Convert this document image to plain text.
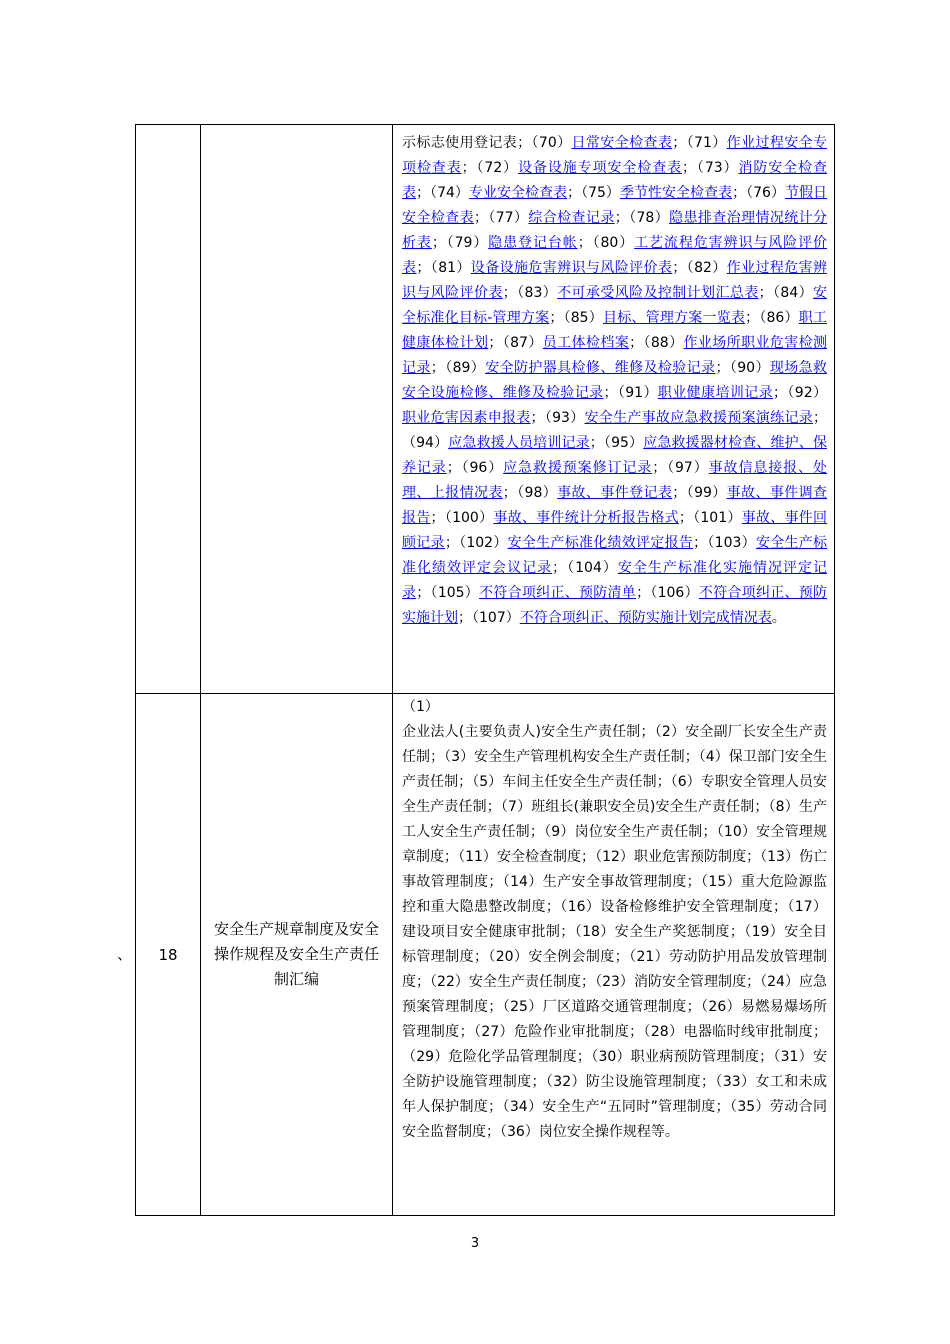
、

		示标志使用登记表；（70）日常安全检查表；（71）作业过程安全专项检查表；（72）设备设施专项安全检查表；（73）消防安全检查表；（74）专业安全检查表；（75）季节性安全检查表；（76）节假日安全检查表；（77）综合检查记录；（78）隐患排查治理情况统计分析表；（79）隐患登记台帐；（80）工艺流程危害辨识与风险评价表；（81）设备设施危害辨识与风险评价表；（82）作业过程危害辨识与风险评价表；（83）不可承受风险及控制计划汇总表；（84）安全标准化目标-管理方案；（85）目标、管理方案一览表；（86）职工健康体检计划；（87）员工体检档案；（88）作业场所职业危害检测记录；（89）安全防护器具检修、维修及检验记录；（90）现场急救安全设施检修、维修及检验记录；（91）职业健康培训记录；（92）职业危害因素申报表；（93）安全生产事故应急救援预案演练记录；（94）应急救援人员培训记录；（95）应急救援器材检查、维护、保养记录；（96）应急救援预案修订记录；（97）事故信息接报、处理、上报情况表；（98）事故、事件登记表；（99）事故、事件调查报告；（100）事故、事件统计分析报告格式；（101）事故、事件回顾记录；（102）安全生产标准化绩效评定报告；（103）安全生产标准化绩效评定会议记录；（104）安全生产标准化实施情况评定记录；（105）不符合项纠正、预防清单；（106）不符合项纠正、预防实施计划；（107）不符合项纠正、预防实施计划完成情况表。

18	安全生产规章制度及安全操作规程及安全生产责任制汇编	（1）
企业法人(主要负责人)安全生产责任制；（2）安全副厂长安全生产责任制；（3）安全生产管理机构安全生产责任制；（4）保卫部门安全生产责任制；（5）车间主任安全生产责任制；（6）专职安全管理人员安全生产责任制；（7）班组长(兼职安全员)安全生产责任制；（8）生产工人安全生产责任制；（9）岗位安全生产责任制；（10）安全管理规章制度；（11）安全检查制度；（12）职业危害预防制度；（13）伤亡事故管理制度；（14）生产安全事故管理制度；（15）重大危险源监控和重大隐患整改制度；（16）设备检修维护安全管理制度；（17）建设项目安全健康审批制；（18）安全生产奖惩制度；（19）安全目标管理制度；（20）安全例会制度；（21）劳动防护用品发放管理制度；（22）安全生产责任制度；（23）消防安全管理制度；（24）应急预案管理制度；（25）厂区道路交通管理制度；（26）易燃易爆场所管理制度；（27）危险作业审批制度；（28）电器临时线审批制度；（29）危险化学品管理制度；（30）职业病预防管理制度；（31）安全防护设施管理制度；（32）防尘设施管理制度；（33）女工和未成年人保护制度；（34）安全生产“五同时”管理制度；（35）劳动合同安全监督制度；（36）岗位安全操作规程等。
3
